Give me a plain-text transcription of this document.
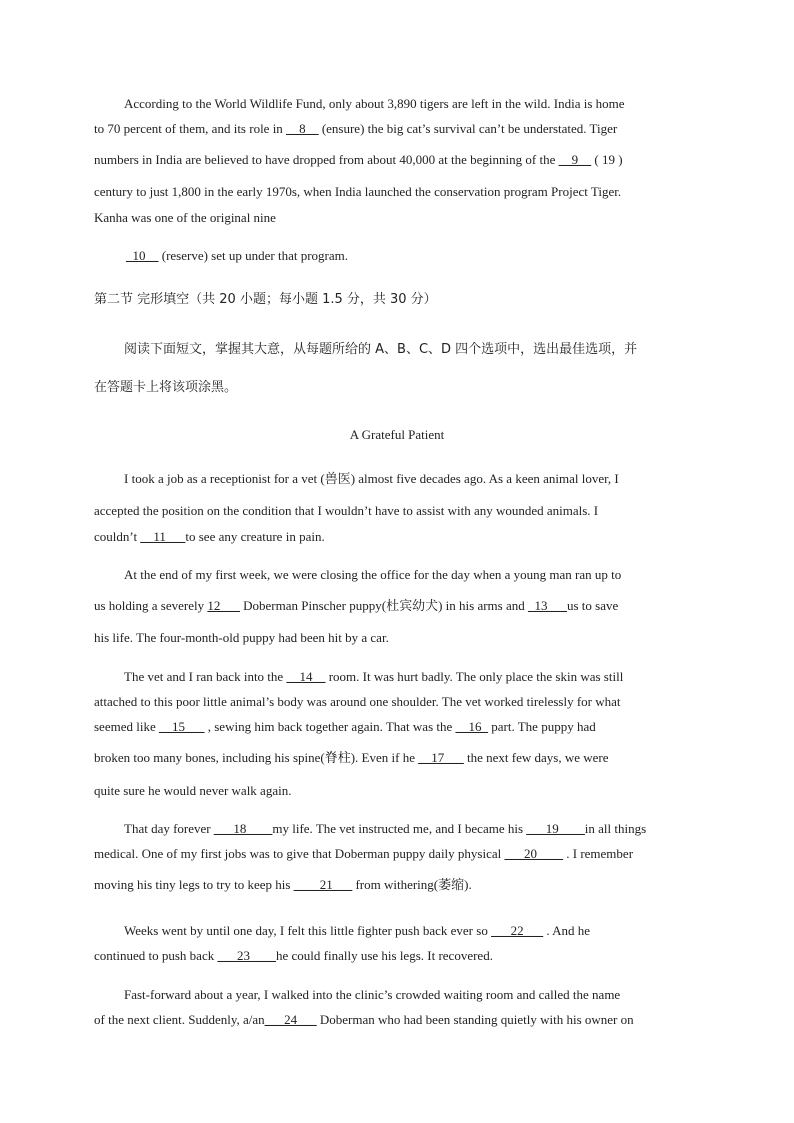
According to the World Wildlife Fund, only about 3,890 tigers are left in the wild. India is home
to 70 percent of them, and its role in __8__ (ensure) the big cat’s survival can’t be understated. Tiger
numbers in India are believed to have dropped from about 40,000 at the beginning of the __9__ ( 19 )
century to just 1,800 in the early 1970s, when India launched the conservation program Project Tiger.
Kanha was one of the original nine
_10__ (reserve) set up under that program.
第二节 完形填空（共 20 小题；每小题 1.5 分，共 30 分）
阅读下面短文，掌握其大意，从每题所给的 A、B、C、D 四个选项中，选出最佳选项，并
在答题卡上将该项涂黑。
A Grateful Patient
I took a job as a receptionist for a vet (兽医) almost five decades ago. As a keen animal lover, I
accepted the position on the condition that I wouldn’t have to assist with any wounded animals. I
couldn’t __11___to see any creature in pain.
At the end of my first week, we were closing the office for the day when a young man ran up to
us holding a severely 12___ Doberman Pinscher puppy(杜宾幼犬) in his arms and _13___us to save
his life. The four-month-old puppy had been hit by a car.
The vet and I ran back into the __14__ room. It was hurt badly. The only place the skin was still
attached to this poor little animal’s body was around one shoulder. The vet worked tirelessly for what
seemed like __15___ , sewing him back together again. That was the __16_ part. The puppy had
broken too many bones, including his spine(脊柱). Even if he __17___ the next few days, we were
quite sure he would never walk again.
That day forever ___18____my life. The vet instructed me, and I became his ___19____in all things
medical. One of my first jobs was to give that Doberman puppy daily physical ___20____ . I remember
moving his tiny legs to try to keep his ____21___ from withering(萎缩).
Weeks went by until one day, I felt this little fighter push back ever so ___22___ . And he
continued to push back ___23____he could finally use his legs. It recovered.
Fast-forward about a year, I walked into the clinic’s crowded waiting room and called the name
of the next client. Suddenly, a/an___24___ Doberman who had been standing quietly with his owner on
